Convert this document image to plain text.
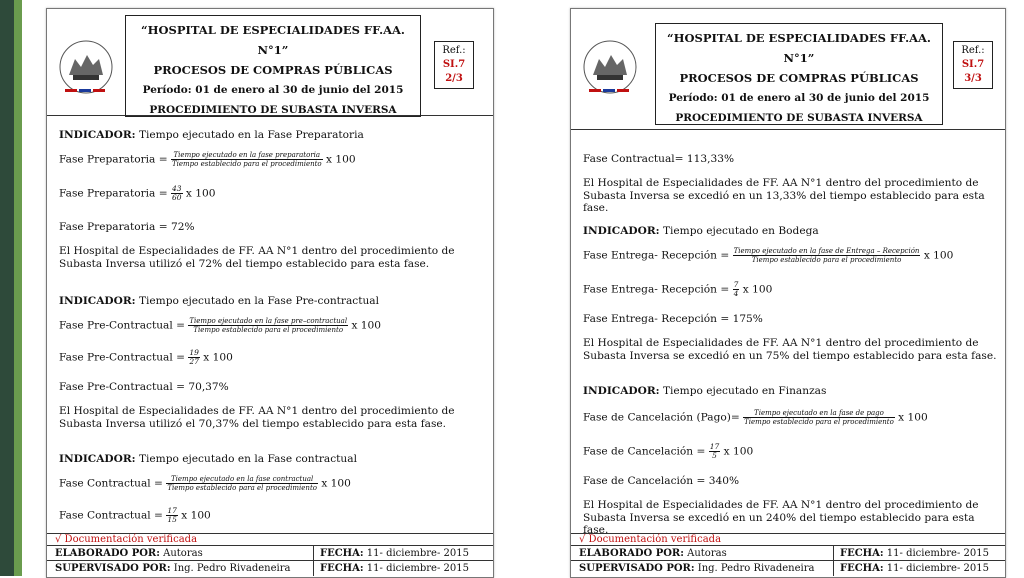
“HOSPITAL DE ESPECIALIDADES FF.AA. N°1”
PROCESOS DE COMPRAS PÚBLICAS
Período: 01 de enero al 30 de junio del 2015
PROCEDIMIENTO DE SUBASTA INVERSA
Ref.:
SI.7
2/3
INDICADOR: Tiempo ejecutado en la Fase Preparatoria
Fase Preparatoria = $\frac{\text{Tiempo ejecutado en la fase preparatoria}}{\text{Tiempo establecido para el procedimiento}}$ x 100
Fase Preparatoria = $\frac{43}{60}$ x 100
Fase Preparatoria = 72%
El Hospital de Especialidades de FF. AA N°1 dentro del procedimiento de Subasta Inversa utilizó el 72% del tiempo establecido para esta fase.
INDICADOR: Tiempo ejecutado en la Fase Pre-contractual
Fase Pre-Contractual = $\frac{\text{Tiempo ejecutado en la fase pre–contractual}}{\text{Tiempo establecido para el procedimiento}}$ x 100
Fase Pre-Contractual = $\frac{19}{27}$ x 100
Fase Pre-Contractual = 70,37%
El Hospital de Especialidades de FF. AA N°1 dentro del procedimiento de Subasta Inversa utilizó el 70,37% del tiempo establecido para esta fase.
INDICADOR: Tiempo ejecutado en la Fase contractual
Fase Contractual = $\frac{\text{Tiempo ejecutado en la fase contractual}}{\text{Tiempo establecido para el procedimiento}}$ x 100
Fase Contractual = $\frac{17}{15}$ x 100
√ Documentación verificada
ELABORADO POR: Autoras	FECHA: 11- diciembre- 2015
SUPERVISADO POR: Ing. Pedro Rivadeneira	FECHA: 11- diciembre- 2015
“HOSPITAL DE ESPECIALIDADES FF.AA. N°1”
PROCESOS DE COMPRAS PÚBLICAS
Período: 01 de enero al 30 de junio del 2015
PROCEDIMIENTO DE SUBASTA INVERSA
Ref.:
SI.7
3/3
Fase Contractual= 113,33%
El Hospital de Especialidades de FF. AA N°1 dentro del procedimiento de Subasta Inversa se excedió en un 13,33% del tiempo establecido para esta fase.
INDICADOR: Tiempo ejecutado en Bodega
Fase Entrega- Recepción = $\frac{\text{Tiempo ejecutado en la fase de Entrega – Recepción}}{\text{Tiempo establecido para el procedimiento}}$ x 100
Fase Entrega- Recepción = $\frac{7}{4}$ x 100
Fase Entrega- Recepción = 175%
El Hospital de Especialidades de FF. AA N°1 dentro del procedimiento de Subasta Inversa se excedió en un 75% del tiempo establecido para esta fase.
INDICADOR: Tiempo ejecutado en Finanzas
Fase de Cancelación (Pago)= $\frac{\text{Tiempo ejecutado en la fase de pago}}{\text{Tiempo establecido para el procedimiento}}$ x 100
Fase de Cancelación = $\frac{17}{5}$ x 100
Fase de Cancelación = 340%
El Hospital de Especialidades de FF. AA N°1 dentro del procedimiento de Subasta Inversa se excedió en un 240% del tiempo establecido para esta fase.
√ Documentación verificada
ELABORADO POR: Autoras	FECHA: 11- diciembre- 2015
SUPERVISADO POR: Ing. Pedro Rivadeneira	FECHA: 11- diciembre- 2015
